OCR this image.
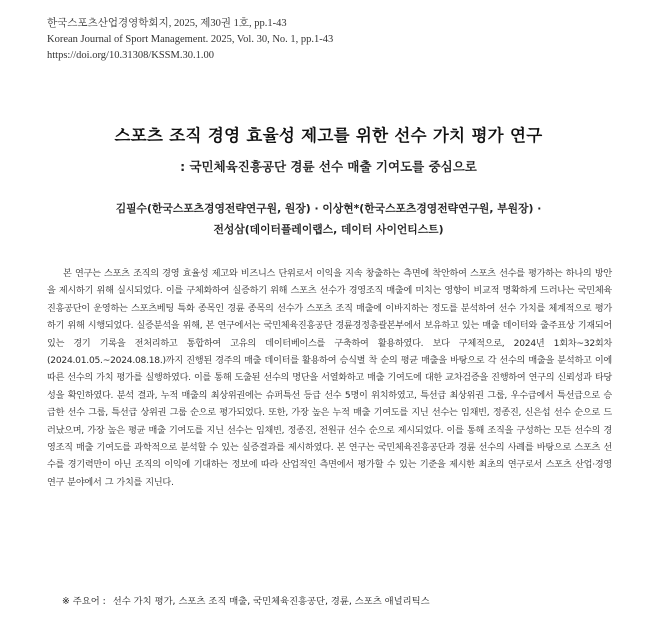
한국스포츠산업경영학회지, 2025, 제30권 1호, pp.1-43
Korean Journal of Sport Management. 2025, Vol. 30, No. 1, pp.1-43
https://doi.org/10.31308/KSSM.30.1.00
스포츠 조직 경영 효율성 제고를 위한 선수 가치 평가 연구
: 국민체육진흥공단 경륜 선수 매출 기여도를 중심으로
김필수(한국스포츠경영전략연구원, 원장) · 이상현*(한국스포츠경영전략연구원, 부원장) ·
전성삼(데이터플레이랩스, 데이터 사이언티스트)
본 연구는 스포츠 조직의 경영 효율성 제고와 비즈니스 단위로서 이익을 지속 창출하는 측면에 착안하여 스포츠 선수를 평가하는 하나의 방안을 제시하기 위해 실시되었다. 이를 구체화하여 실증하기 위해 스포츠 선수가 경영조직 매출에 미치는 영향이 비교적 명확하게 드러나는 국민체육진흥공단이 운영하는 스포츠베팅 특화 종목인 경륜 종목의 선수가 스포츠 조직 매출에 이바지하는 정도를 분석하여 선수 가치를 체계적으로 평가하기 위해 시행되었다. 실증분석을 위해, 본 연구에서는 국민체육진흥공단 경륜경정총괄본부에서 보유하고 있는 매출 데이터와 출주표상 기재되어 있는 경기 기록을 전처리하고 통합하여 고유의 데이터베이스를 구축하여 활용하였다. 보다 구체적으로, 2024년 1회차~32회차(2024.01.05.~2024.08.18.)까지 진행된 경주의 매출 데이터를 활용하여 승식별 착 순의 평균 매출을 바탕으로 각 선수의 매출을 분석하고 이에 따른 선수의 가치 평가를 실행하였다. 이를 통해 도출된 선수의 명단을 서열화하고 매출 기여도에 대한 교차검증을 진행하여 연구의 신뢰성과 타당성을 확인하였다. 분석 결과, 누적 매출의 최상위권에는 슈퍼특선 등급 선수 5명이 위치하였고, 특선급 최상위권 그룹, 우수급에서 특선급으로 승급한 선수 그룹, 특선급 상위권 그룹 순으로 평가되었다. 또한, 가장 높은 누적 매출 기여도를 지닌 선수는 임채빈, 정종진, 신은섭 선수 순으로 드러났으며, 가장 높은 평균 매출 기여도를 지닌 선수는 임채빈, 정종진, 전원규 선수 순으로 제시되었다. 이를 통해 조직을 구성하는 모든 선수의 경영조직 매출 기여도를 과학적으로 분석할 수 있는 실증결과를 제시하였다. 본 연구는 국민체육진흥공단과 경륜 선수의 사례를 바탕으로 스포츠 선수를 경기력만이 아닌 조직의 이익에 기대하는 정보에 따라 산업적인 측면에서 평가할 수 있는 기준을 제시한 최초의 연구로서 스포츠 산업·경영 연구 분야에서 그 가치를 지닌다.
※ 주요어 : 선수 가치 평가, 스포츠 조직 매출, 국민체육진흥공단, 경륜, 스포츠 애널리틱스
